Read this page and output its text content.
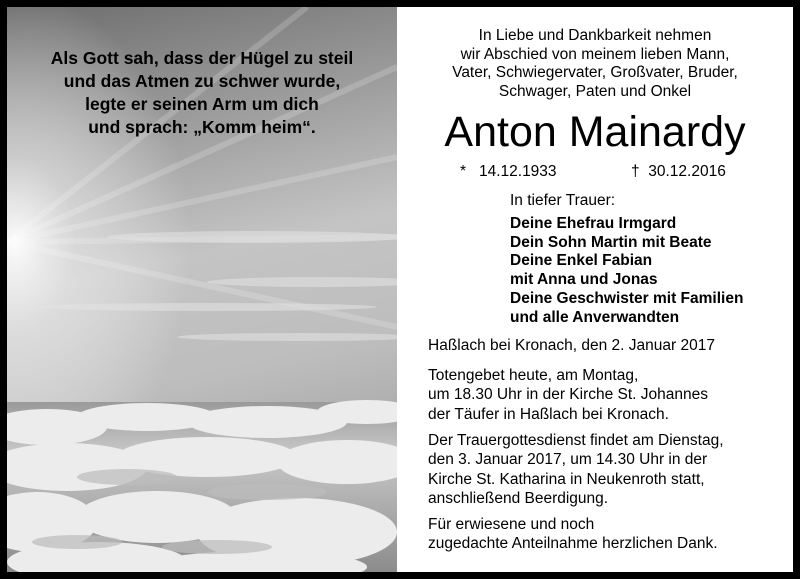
Als Gott sah, dass der Hügel zu steil
und das Atmen zu schwer wurde,
legte er seinen Arm um dich
und sprach: „Komm heim“.
In Liebe und Dankbarkeit nehmen
wir Abschied von meinem lieben Mann,
Vater, Schwiegervater, Großvater, Bruder,
Schwager, Paten und Onkel
Anton Mainardy
* 14.12.1933	† 30.12.2016
In tiefer Trauer:
Deine Ehefrau Irmgard
Dein Sohn Martin mit Beate
Deine Enkel Fabian
mit Anna und Jonas
Deine Geschwister mit Familien
und alle Anverwandten
Haßlach bei Kronach, den 2. Januar 2017
Totengebet heute, am Montag,
um 18.30 Uhr in der Kirche St. Johannes
der Täufer in Haßlach bei Kronach.
Der Trauergottesdienst findet am Dienstag,
den 3. Januar 2017, um 14.30 Uhr in der
Kirche St. Katharina in Neukenroth statt,
anschließend Beerdigung.
Für erwiesene und noch
zugedachte Anteilnahme herzlichen Dank.
